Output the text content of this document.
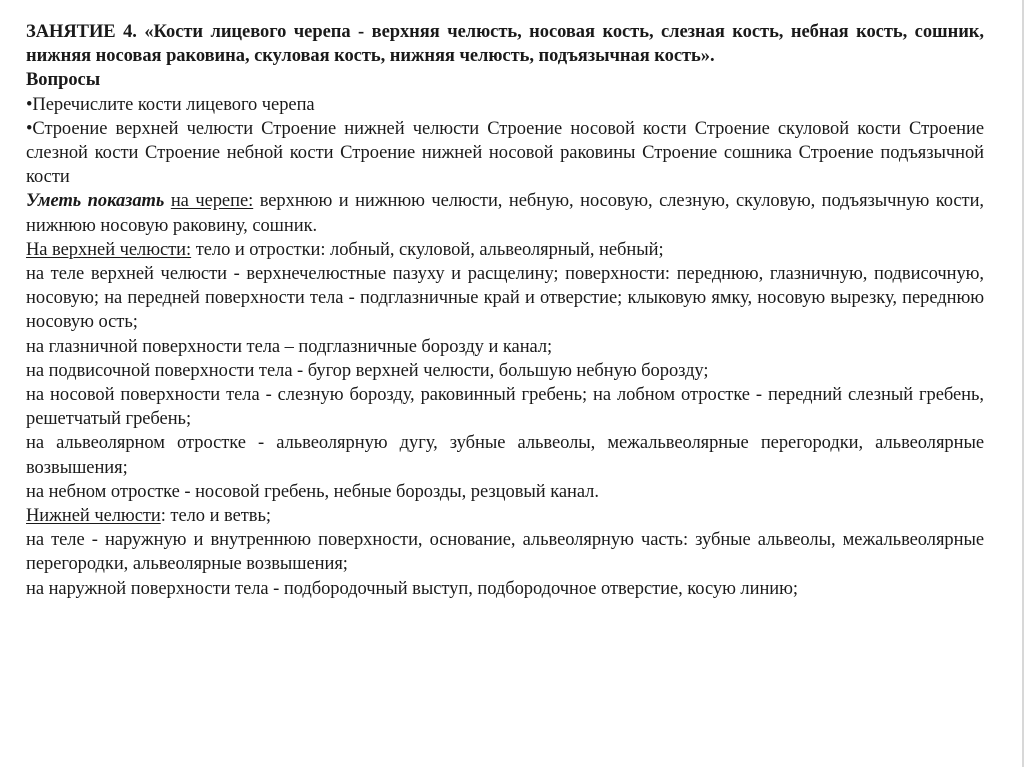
ЗАНЯТИЕ 4. «Кости лицевого черепа - верхняя челюсть, носовая кость, слезная кость, небная кость, сошник, нижняя носовая раковина, скуловая кость, нижняя челюсть, подъязычная кость».

Вопросы

•Перечислите кости лицевого черепа

•Строение верхней челюсти Строение нижней челюсти Строение носовой кости Строение скуловой кости Строение слезной кости Строение небной кости Строение нижней носовой раковины Строение сошника Строение подъязычной кости

Уметь показать на черепе: верхнюю и нижнюю челюсти, небную, носовую, слезную, скуловую, подъязычную кости, нижнюю носовую раковину, сошник.

На верхней челюсти: тело и отростки: лобный, скуловой, альвеолярный, небный;

на теле верхней челюсти - верхнечелюстные пазуху и расщелину; поверхности: переднюю, глазничную, подвисочную, носовую; на передней поверхности тела - подглазничные край и отверстие; клыковую ямку, носовую вырезку, переднюю носовую ость;

на глазничной поверхности тела – подглазничные борозду и канал;

на подвисочной поверхности тела - бугор верхней челюсти, большую небную борозду;

на носовой поверхности тела - слезную борозду, раковинный гребень; на лобном отростке - передний слезный гребень, решетчатый гребень;

на альвеолярном отростке - альвеолярную дугу, зубные альвеолы, межальвеолярные перегородки, альвеолярные возвышения;

на небном отростке - носовой гребень, небные борозды, резцовый канал.

Нижней челюсти: тело и ветвь;

на теле - наружную и внутреннюю поверхности, основание, альвеолярную часть: зубные альвеолы, межальвеолярные перегородки, альвеолярные возвышения;

на наружной поверхности тела - подбородочный выступ, подбородочное отверстие, косую линию;
